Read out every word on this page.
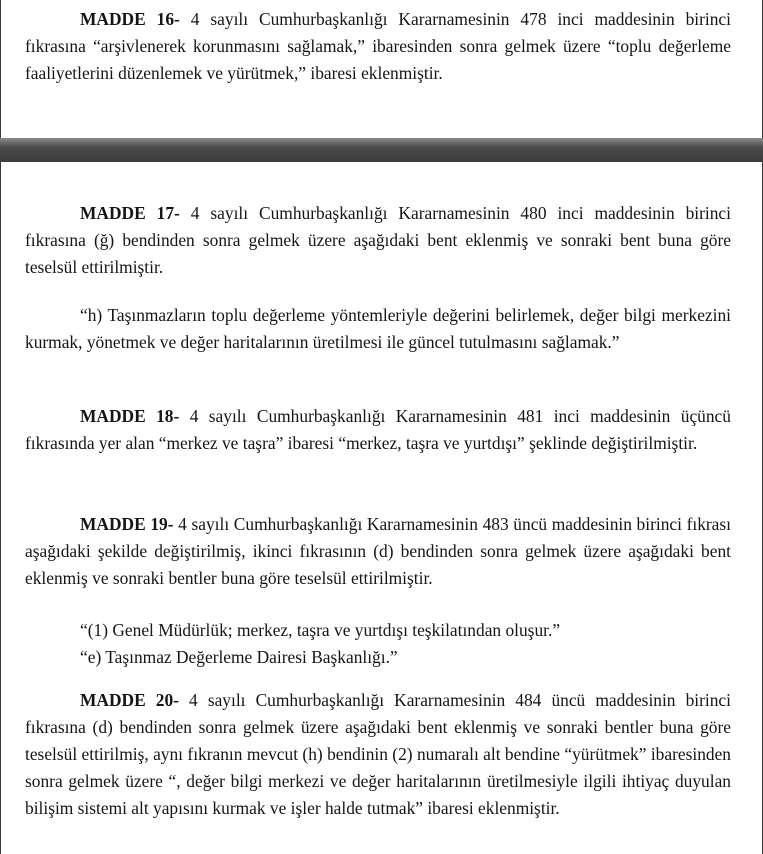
MADDE 16- 4 sayılı Cumhurbaşkanlığı Kararnamesinin 478 inci maddesinin birinci fıkrasına “arşivlenerek korunmasını sağlamak,” ibaresinden sonra gelmek üzere “toplu değerleme faaliyetlerini düzenlemek ve yürütmek,” ibaresi eklenmiştir.

MADDE 17- 4 sayılı Cumhurbaşkanlığı Kararnamesinin 480 inci maddesinin birinci fıkrasına (ğ) bendinden sonra gelmek üzere aşağıdaki bent eklenmiş ve sonraki bent buna göre teselsül ettirilmiştir.

“h) Taşınmazların toplu değerleme yöntemleriyle değerini belirlemek, değer bilgi merkezini kurmak, yönetmek ve değer haritalarının üretilmesi ile güncel tutulmasını sağlamak.”

MADDE 18- 4 sayılı Cumhurbaşkanlığı Kararnamesinin 481 inci maddesinin üçüncü fıkrasında yer alan “merkez ve taşra” ibaresi “merkez, taşra ve yurtdışı” şeklinde değiştirilmiştir.

MADDE 19- 4 sayılı Cumhurbaşkanlığı Kararnamesinin 483 üncü maddesinin birinci fıkrası aşağıdaki şekilde değiştirilmiş, ikinci fıkrasının (d) bendinden sonra gelmek üzere aşağıdaki bent eklenmiş ve sonraki bentler buna göre teselsül ettirilmiştir.

“(1) Genel Müdürlük; merkez, taşra ve yurtdışı teşkilatından oluşur.”

“e) Taşınmaz Değerleme Dairesi Başkanlığı.”

MADDE 20- 4 sayılı Cumhurbaşkanlığı Kararnamesinin 484 üncü maddesinin birinci fıkrasına (d) bendinden sonra gelmek üzere aşağıdaki bent eklenmiş ve sonraki bentler buna göre teselsül ettirilmiş, aynı fıkranın mevcut (h) bendinin (2) numaralı alt bendine “yürütmek” ibaresinden sonra gelmek üzere “, değer bilgi merkezi ve değer haritalarının üretilmesiyle ilgili ihtiyaç duyulan bilişim sistemi alt yapısını kurmak ve işler halde tutmak” ibaresi eklenmiştir.
